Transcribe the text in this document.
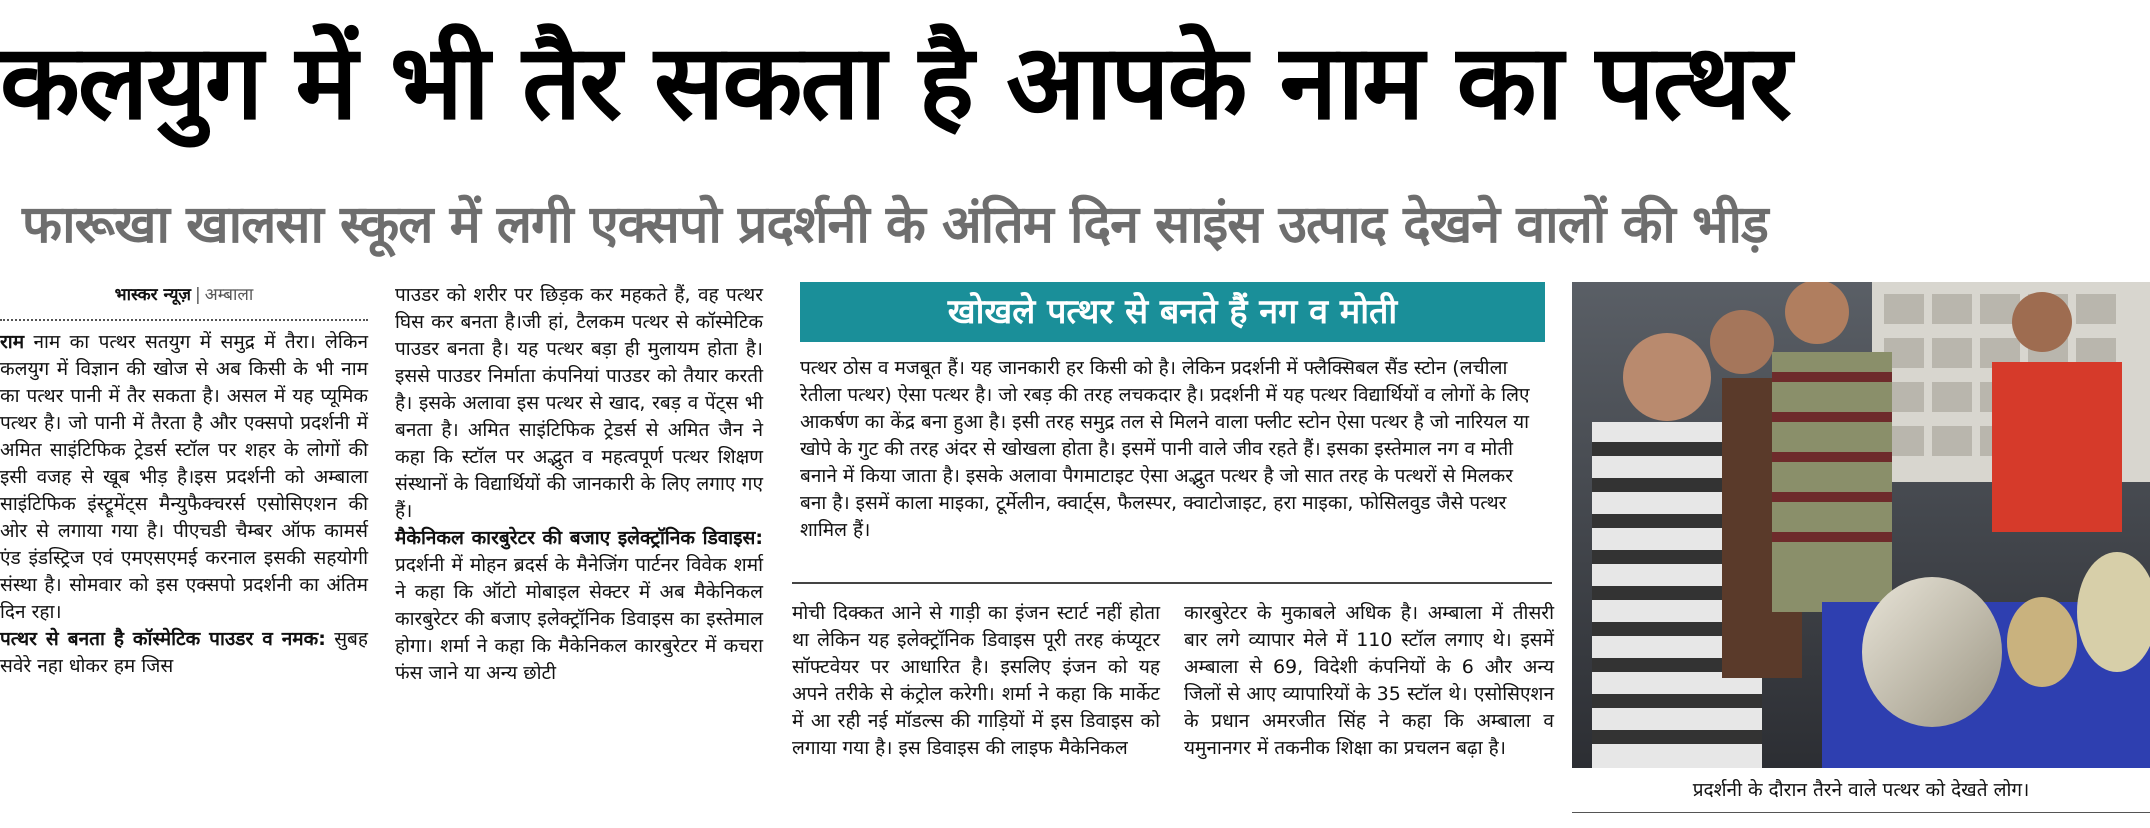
कलयुग में भी तैर सकता है आपके नाम का पत्थर
फारूखा खालसा स्कूल में लगी एक्सपो प्रदर्शनी के अंतिम दिन साइंस उत्पाद देखने वालों की भीड़
भास्कर न्यूज़ | अम्बाला

राम नाम का पत्थर सतयुग में समुद्र में तैरा। लेकिन कलयुग में विज्ञान की खोज से अब किसी के भी नाम का पत्थर पानी में तैर सकता है। असल में यह प्यूमिक पत्थर है। जो पानी में तैरता है और एक्सपो प्रदर्शनी में अमित साइंटिफिक ट्रेडर्स स्टॉल पर शहर के लोगों की इसी वजह से खूब भीड़ है।इस प्रदर्शनी को अम्बाला साइंटिफिक इंस्ट्रूमेंट्स मैन्युफैक्चरर्स एसोसिएशन की ओर से लगाया गया है। पीएचडी चैम्बर ऑफ कामर्स एंड इंडस्ट्रिज एवं एमएसएमई करनाल इसकी सहयोगी संस्था है। सोमवार को इस एक्सपो प्रदर्शनी का अंतिम दिन रहा।

पत्थर से बनता है कॉस्मेटिक पाउडर व नमक: सुबह सवेरे नहा धोकर हम जिस

पाउडर को शरीर पर छिड़क कर महकते हैं, वह पत्थर घिस कर बनता है।जी हां, टैलकम पत्थर से कॉस्मेटिक पाउडर बनता है। यह पत्थर बड़ा ही मुलायम होता है। इससे पाउडर निर्माता कंपनियां पाउडर को तैयार करती है। इसके अलावा इस पत्थर से खाद, रबड़ व पेंट्स भी बनता है। अमित साइंटिफिक ट्रेडर्स से अमित जैन ने कहा कि स्टॉल पर अद्भुत व महत्वपूर्ण पत्थर शिक्षण संस्थानों के विद्यार्थियों की जानकारी के लिए लगाए गए हैं।

मैकेनिकल कारबुरेटर की बजाए इलेक्ट्रॉनिक डिवाइस: प्रदर्शनी में मोहन ब्रदर्स के मैनेजिंग पार्टनर विवेक शर्मा ने कहा कि ऑटो मोबाइल सेक्टर में अब मैकेनिकल कारबुरेटर की बजाए इलेक्ट्रॉनिक डिवाइस का इस्तेमाल होगा। शर्मा ने कहा कि मैकेनिकल कारबुरेटर में कचरा फंस जाने या अन्य छोटी

खोखले पत्थर से बनते हैं नग व मोती
पत्थर ठोस व मजबूत हैं। यह जानकारी हर किसी को है। लेकिन प्रदर्शनी में फ्लैक्सिबल सैंड स्टोन (लचीला रेतीला पत्थर) ऐसा पत्थर है। जो रबड़ की तरह लचकदार है। प्रदर्शनी में यह पत्थर विद्यार्थियों व लोगों के लिए आकर्षण का केंद्र बना हुआ है। इसी तरह समुद्र तल से मिलने वाला फ्लीट स्टोन ऐसा पत्थर है जो नारियल या खोपे के गुट की तरह अंदर से खोखला होता है। इसमें पानी वाले जीव रहते हैं। इसका इस्तेमाल नग व मोती बनाने में किया जाता है। इसके अलावा पैगमाटाइट ऐसा अद्भुत पत्थर है जो सात तरह के पत्थरों से मिलकर बना है। इसमें काला माइका, टूर्मेलीन, क्वार्ट्स, फैलस्पर, क्वाटोजाइट, हरा माइका, फोसिलवुड जैसे पत्थर शामिल हैं।

मोची दिक्कत आने से गाड़ी का इंजन स्टार्ट नहीं होता था लेकिन यह इलेक्ट्रॉनिक डिवाइस पूरी तरह कंप्यूटर सॉफ्टवेयर पर आधारित है। इसलिए इंजन को यह अपने तरीके से कंट्रोल करेगी। शर्मा ने कहा कि मार्केट में आ रही नई मॉडल्स की गाड़ियों में इस डिवाइस को लगाया गया है। इस डिवाइस की लाइफ मैकेनिकल

कारबुरेटर के मुकाबले अधिक है। अम्बाला में तीसरी बार लगे व्यापार मेले में 110 स्टॉल लगाए थे। इसमें अम्बाला से 69, विदेशी कंपनियों के 6 और अन्य जिलों से आए व्यापारियों के 35 स्टॉल थे। एसोसिएशन के प्रधान अमरजीत सिंह ने कहा कि अम्बाला व यमुनानगर में तकनीक शिक्षा का प्रचलन बढ़ा है।

प्रदर्शनी के दौरान तैरने वाले पत्थर को देखते लोग।
